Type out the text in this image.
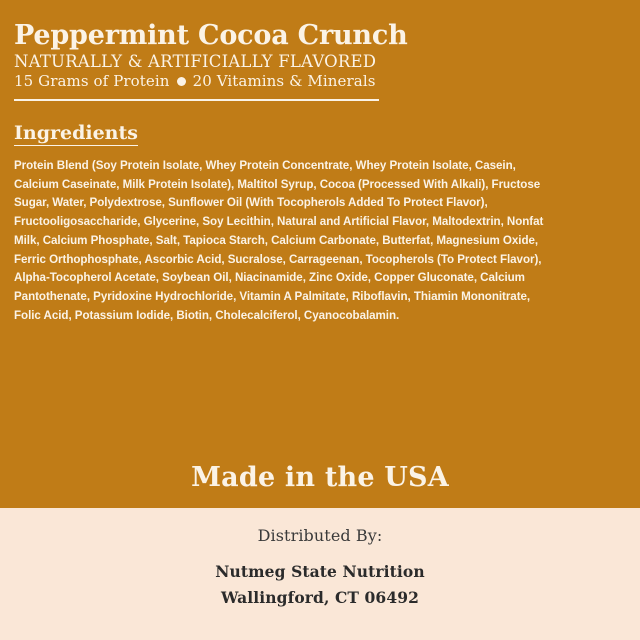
Peppermint Cocoa Crunch
NATURALLY & ARTIFICIALLY FLAVORED
15 Grams of Protein 20 Vitamins & Minerals
Ingredients
Protein Blend (Soy Protein Isolate, Whey Protein Concentrate, Whey Protein Isolate, Casein, Calcium Caseinate, Milk Protein Isolate), Maltitol Syrup, Cocoa (Processed With Alkali), Fructose Sugar, Water, Polydextrose, Sunflower Oil (With Tocopherols Added To Protect Flavor), Fructooligosaccharide, Glycerine, Soy Lecithin, Natural and Artificial Flavor, Maltodextrin, Nonfat Milk, Calcium Phosphate, Salt, Tapioca Starch, Calcium Carbonate, Butterfat, Magnesium Oxide, Ferric Orthophosphate, Ascorbic Acid, Sucralose, Carrageenan, Tocopherols (To Protect Flavor), Alpha-Tocopherol Acetate, Soybean Oil, Niacinamide, Zinc Oxide, Copper Gluconate, Calcium Pantothenate, Pyridoxine Hydrochloride, Vitamin A Palmitate, Riboflavin, Thiamin Mononitrate, Folic Acid, Potassium Iodide, Biotin, Cholecalciferol, Cyanocobalamin.
Made in the USA
Distributed By:
Nutmeg State Nutrition
Wallingford, CT 06492
